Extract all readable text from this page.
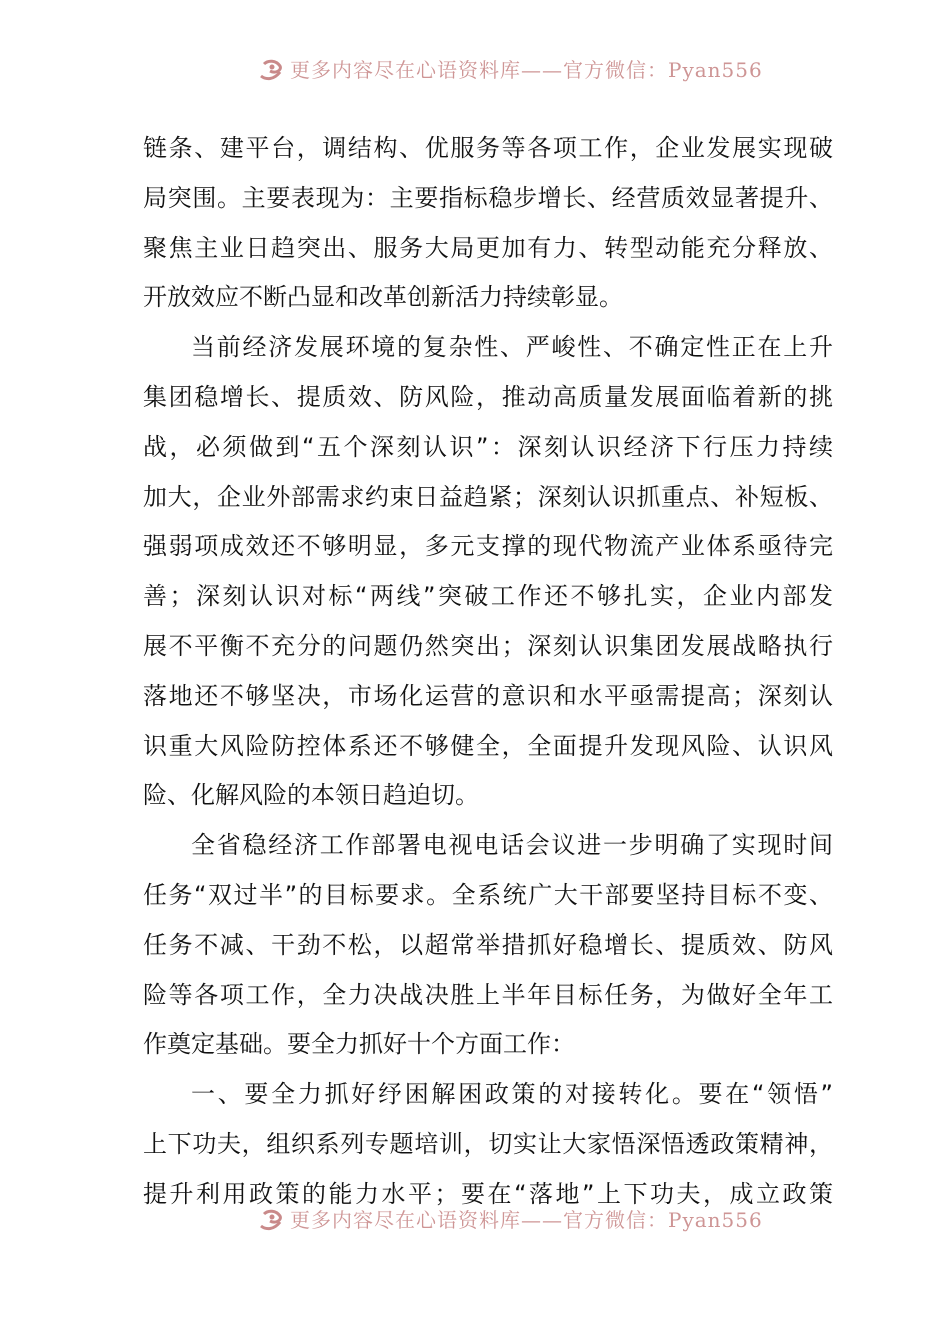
更多内容尽在心语资料库——官方微信：Pyan556
链条、建平台，调结构、优服务等各项工作，企业发展实现破
局突围。主要表现为：主要指标稳步增长、经营质效显著提升、
聚焦主业日趋突出、服务大局更加有力、转型动能充分释放、
开放效应不断凸显和改革创新活力持续彰显。
当前经济发展环境的复杂性、严峻性、不确定性正在上升
集团稳增长、提质效、防风险，推动高质量发展面临着新的挑
战，必须做到“五个深刻认识”：深刻认识经济下行压力持续
加大，企业外部需求约束日益趋紧；深刻认识抓重点、补短板、
强弱项成效还不够明显，多元支撑的现代物流产业体系亟待完
善；深刻认识对标“两线”突破工作还不够扎实，企业内部发
展不平衡不充分的问题仍然突出；深刻认识集团发展战略执行
落地还不够坚决，市场化运营的意识和水平亟需提高；深刻认
识重大风险防控体系还不够健全，全面提升发现风险、认识风
险、化解风险的本领日趋迫切。
全省稳经济工作部署电视电话会议进一步明确了实现时间
任务“双过半”的目标要求。全系统广大干部要坚持目标不变、
任务不减、干劲不松，以超常举措抓好稳增长、提质效、防风
险等各项工作，全力决战决胜上半年目标任务，为做好全年工
作奠定基础。要全力抓好十个方面工作：
一、要全力抓好纾困解困政策的对接转化。要在“领悟”
上下功夫，组织系列专题培训，切实让大家悟深悟透政策精神，
提升利用政策的能力水平；要在“落地”上下功夫，成立政策
更多内容尽在心语资料库——官方微信：Pyan556
